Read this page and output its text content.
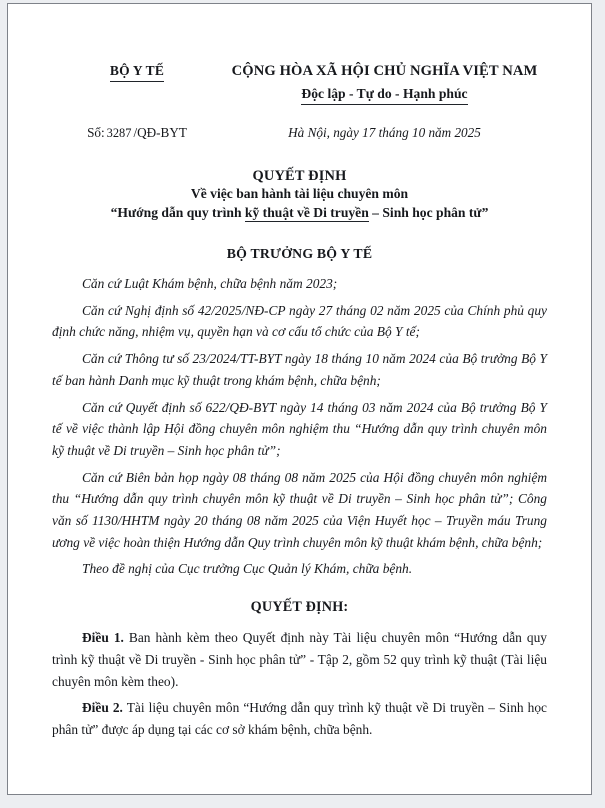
BỘ Y TẾ	CỘNG HÒA XÃ HỘI CHỦ NGHĨA VIỆT NAM
Độc lập - Tự do - Hạnh phúc
Số: 3287 /QĐ-BYT	Hà Nội, ngày 17 tháng 10 năm 2025
QUYẾT ĐỊNH
Về việc ban hành tài liệu chuyên môn
“Hướng dẫn quy trình kỹ thuật về Di truyền – Sinh học phân tử”
BỘ TRƯỞNG BỘ Y TẾ

Căn cứ Luật Khám bệnh, chữa bệnh năm 2023;

Căn cứ Nghị định số 42/2025/NĐ-CP ngày 27 tháng 02 năm 2025 của Chính phủ quy định chức năng, nhiệm vụ, quyền hạn và cơ cấu tổ chức của Bộ Y tế;

Căn cứ Thông tư số 23/2024/TT-BYT ngày 18 tháng 10 năm 2024 của Bộ trưởng Bộ Y tế ban hành Danh mục kỹ thuật trong khám bệnh, chữa bệnh;

Căn cứ Quyết định số 622/QĐ-BYT ngày 14 tháng 03 năm 2024 của Bộ trưởng Bộ Y tế về việc thành lập Hội đồng chuyên môn nghiệm thu “Hướng dẫn quy trình chuyên môn kỹ thuật về Di truyền – Sinh học phân tử”;

Căn cứ Biên bản họp ngày 08 tháng 08 năm 2025 của Hội đồng chuyên môn nghiệm thu “Hướng dẫn quy trình chuyên môn kỹ thuật về Di truyền – Sinh học phân tử”; Công văn số 1130/HHTM ngày 20 tháng 08 năm 2025 của Viện Huyết học – Truyền máu Trung ương về việc hoàn thiện Hướng dẫn Quy trình chuyên môn kỹ thuật khám bệnh, chữa bệnh;

Theo đề nghị của Cục trưởng Cục Quản lý Khám, chữa bệnh.

QUYẾT ĐỊNH:

Điều 1. Ban hành kèm theo Quyết định này Tài liệu chuyên môn “Hướng dẫn quy trình kỹ thuật về Di truyền - Sinh học phân tử” - Tập 2, gồm 52 quy trình kỹ thuật (Tài liệu chuyên môn kèm theo).

Điều 2. Tài liệu chuyên môn “Hướng dẫn quy trình kỹ thuật về Di truyền – Sinh học phân tử” được áp dụng tại các cơ sở khám bệnh, chữa bệnh.
